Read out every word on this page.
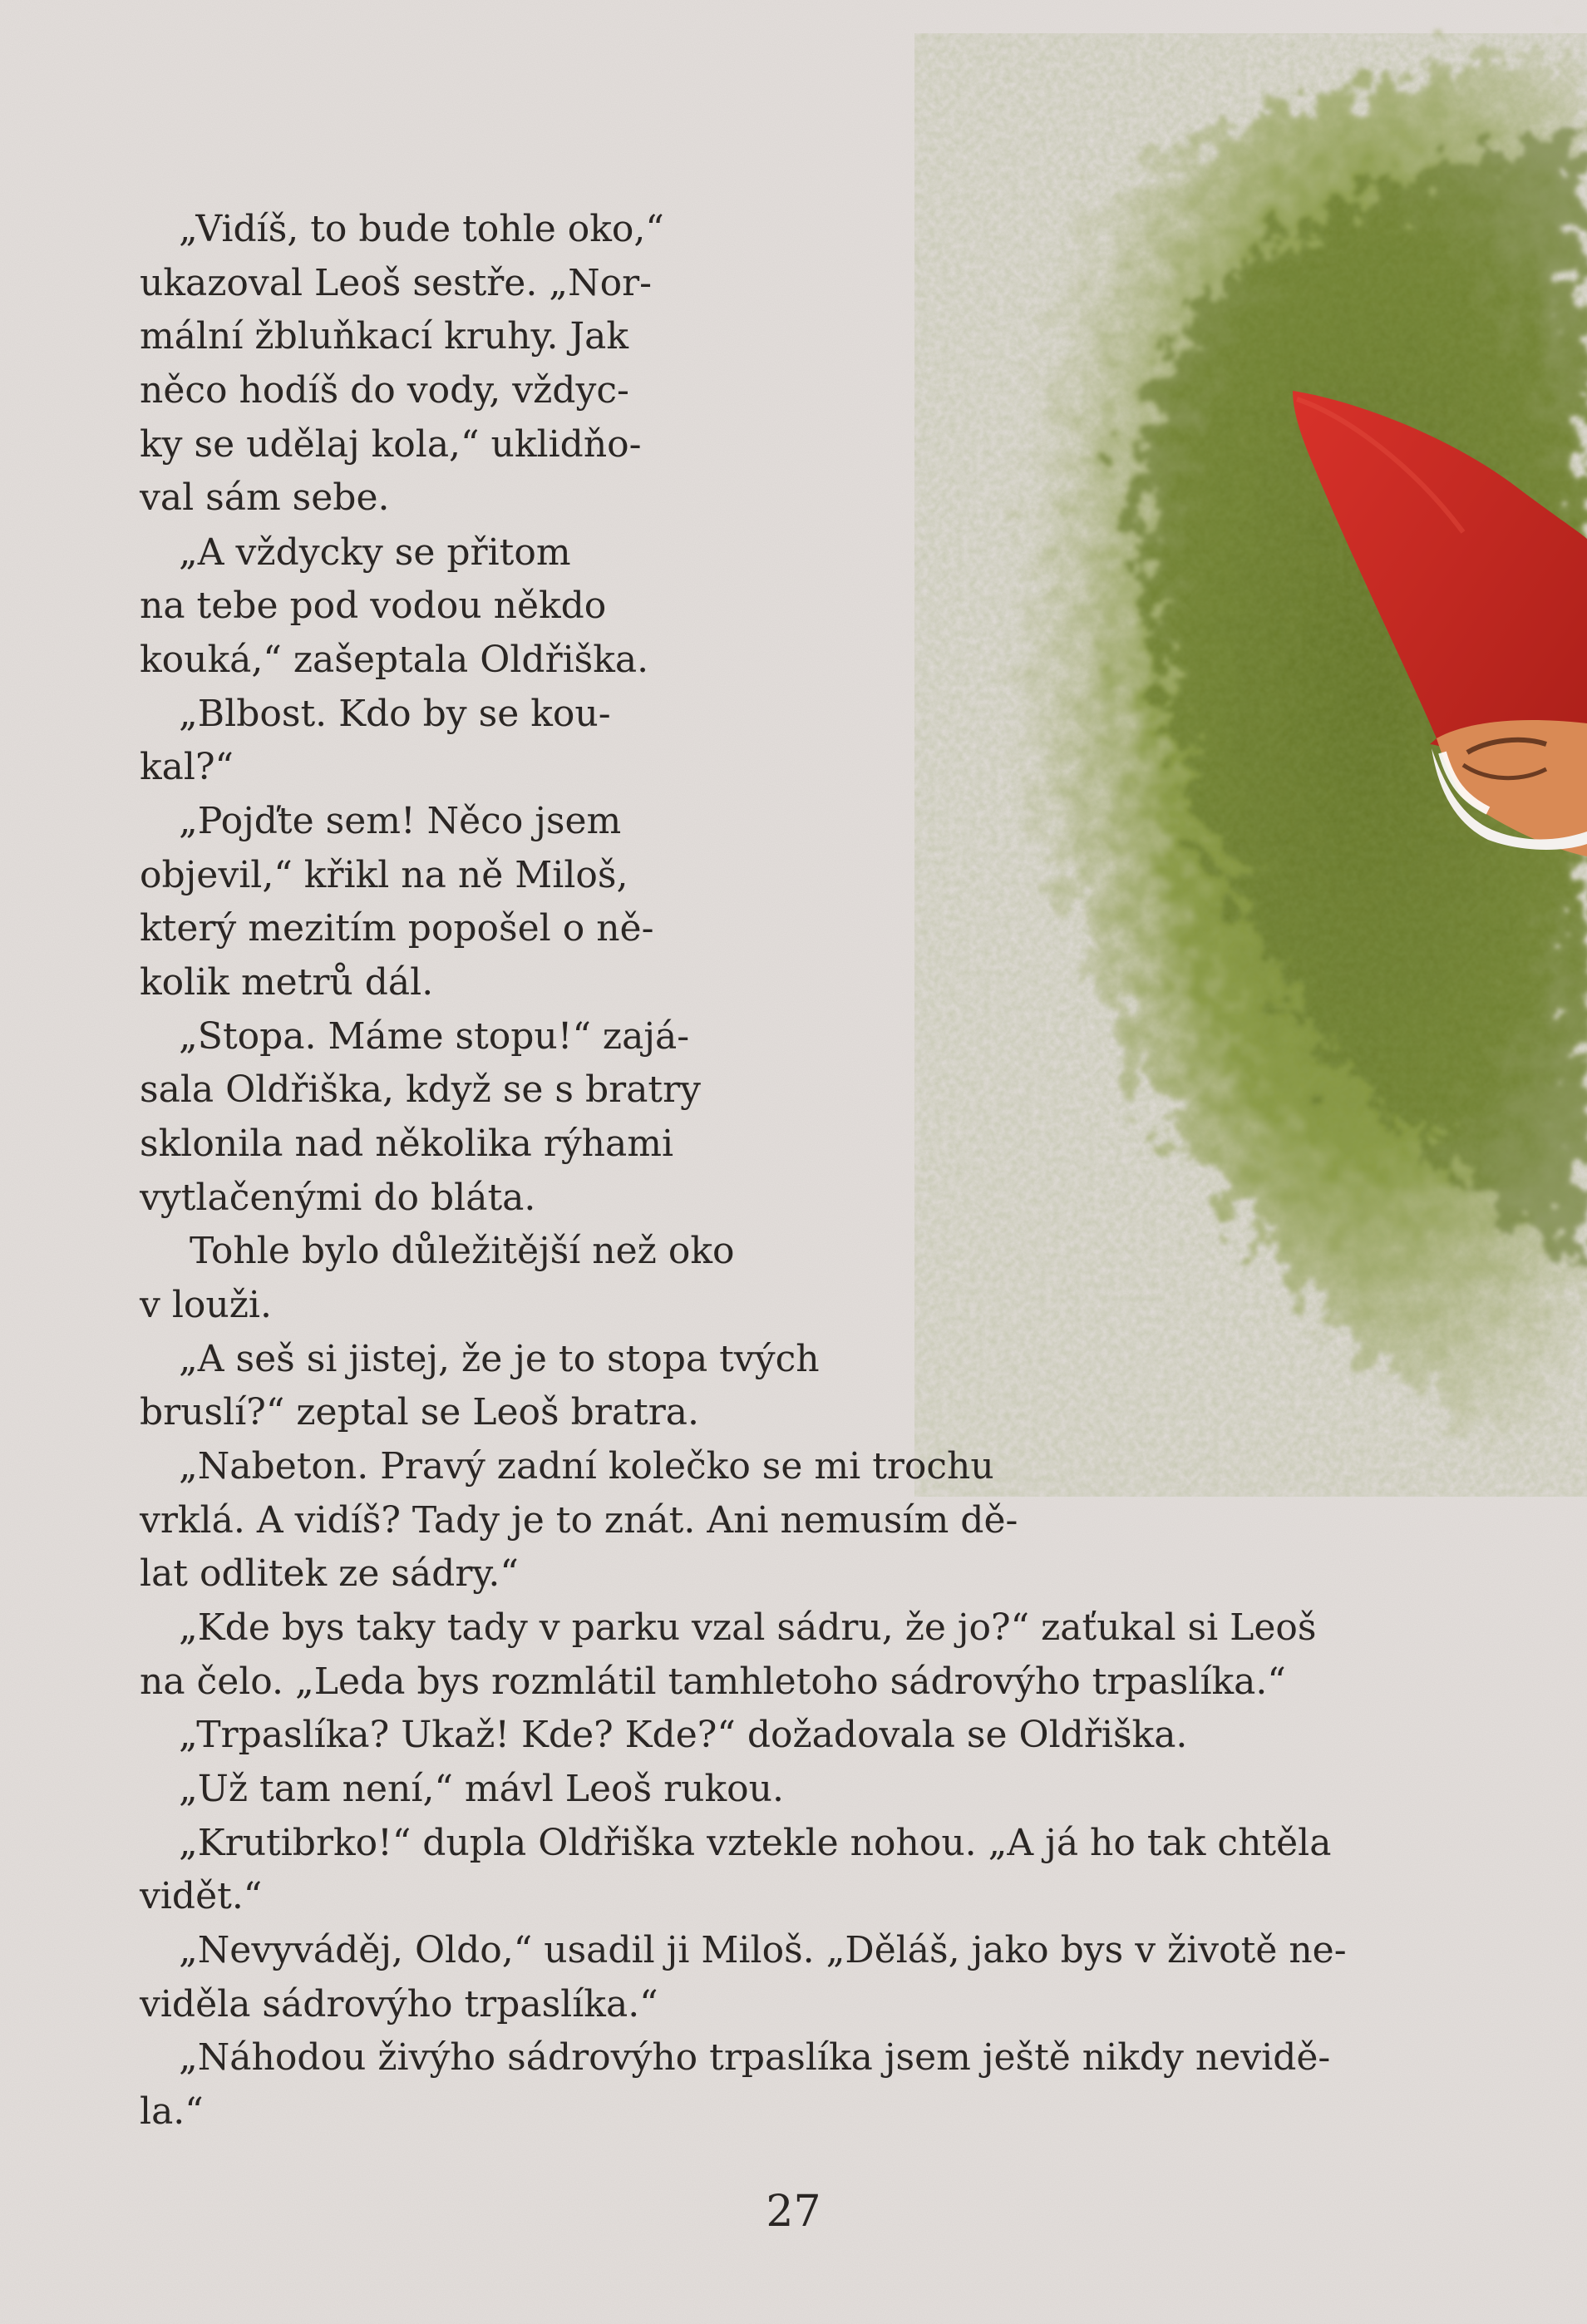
„Vidíš, to bude tohle oko,“
ukazoval Leoš sestře. „Nor-
mální žbluňkací kruhy. Jak
něco hodíš do vody, vždyc-
ky se udělaj kola,“ uklidňo-
val sám sebe.
„A vždycky se přitom
na tebe pod vodou někdo
kouká,“ zašeptala Oldřiška.
„Blbost. Kdo by se kou-
kal?“
„Pojďte sem! Něco jsem
objevil,“ křikl na ně Miloš,
který mezitím popošel o ně-
kolik metrů dál.
„Stopa. Máme stopu!“ zajá-
sala Oldřiška, když se s bratry
sklonila nad několika rýhami
vytlačenými do bláta.
Tohle bylo důležitější než oko
v louži.
„A seš si jistej, že je to stopa tvých
bruslí?“ zeptal se Leoš bratra.
„Nabeton. Pravý zadní kolečko se mi trochu
vrklá. A vidíš? Tady je to znát. Ani nemusím dě-
lat odlitek ze sádry.“
„Kde bys taky tady v parku vzal sádru, že jo?“ zaťukal si Leoš
na čelo. „Leda bys rozmlátil tamhletoho sádrovýho trpaslíka.“
„Trpaslíka? Ukaž! Kde? Kde?“ dožadovala se Oldřiška.
„Už tam není,“ mávl Leoš rukou.
„Krutibrko!“ dupla Oldřiška vztekle nohou. „A já ho tak chtěla
vidět.“
„Nevyváděj, Oldo,“ usadil ji Miloš. „Děláš, jako bys v životě ne-
viděla sádrovýho trpaslíka.“
„Náhodou živýho sádrovýho trpaslíka jsem ještě nikdy nevidě-
la.“
27
